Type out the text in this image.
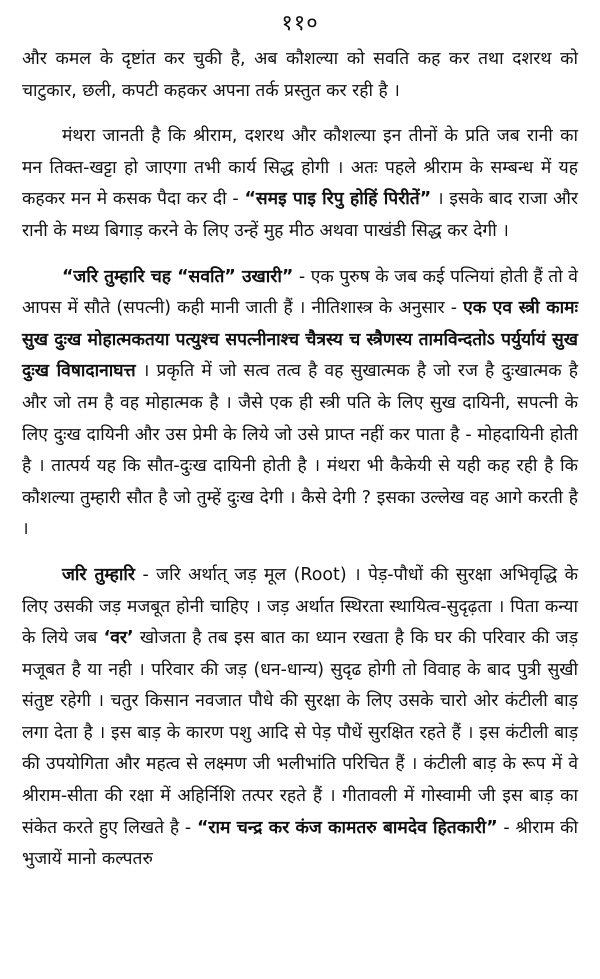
११०

और कमल के दृष्टांत कर चुकी है, अब कौशल्या को सवति कह कर तथा दशरथ को चाटुकार, छली, कपटी कहकर अपना तर्क प्रस्तुत कर रही है ।

मंथरा जानती है कि श्रीराम, दशरथ और कौशल्या इन तीनों के प्रति जब रानी का मन तिक्त-खट्टा हो जाएगा तभी कार्य सिद्ध होगी । अतः पहले श्रीराम के सम्बन्ध में यह कहकर मन मे कसक पैदा कर दी - “समइ पाइ रिपु होहिं पिरीतें” । इसके बाद राजा और रानी के मध्य बिगाड़ करने के लिए उन्हें मुह मीठ अथवा पाखंडी सिद्ध कर देगी ।

“जरि तुम्हारि चह “सवति” उखारी” - एक पुरुष के जब कई पत्नियां होती हैं तो वे आपस में सौते (सपत्नी) कही मानी जाती हैं । नीतिशास्त्र के अनुसार - एक एव स्त्री कामः सुख दुःख मोहात्मकतया पत्युश्च सपत्नीनाश्च चैत्रस्य च स्त्रैणस्य तामविन्दतोऽ पर्युर्यायं सुख दुःख विषादानाघत्त । प्रकृति में जो सत्व तत्व है वह सुखात्मक है जो रज है दुःखात्मक है और जो तम है वह मोहात्मक है । जैसे एक ही स्त्री पति के लिए सुख दायिनी, सपत्नी के लिए दुःख दायिनी और उस प्रेमी के लिये जो उसे प्राप्त नहीं कर पाता है - मोहदायिनी होती है । तात्पर्य यह कि सौत-दुःख दायिनी होती है । मंथरा भी कैकेयी से यही कह रही है कि कौशल्या तुम्हारी सौत है जो तुम्हें दुःख देगी । कैसे देगी ? इसका उल्लेख वह आगे करती है ।

जरि तुम्हारि - जरि अर्थात् जड़ मूल (Root) । पेड़-पौधों की सुरक्षा अभिवृद्धि के लिए उसकी जड़ मजबूत होनी चाहिए । जड़ अर्थात स्थिरता स्थायित्व-सुदृढ़ता । पिता कन्या के लिये जब ‘वर’ खोजता है तब इस बात का ध्यान रखता है कि घर की परिवार की जड़ मजूबत है या नही । परिवार की जड़ (धन-धान्य) सुदृढ होगी तो विवाह के बाद पुत्री सुखी संतुष्ट रहेगी । चतुर किसान नवजात पौधे की सुरक्षा के लिए उसके चारो ओर कंटीली बाड़ लगा देता है । इस बाड़ के कारण पशु आदि से पेड़ पौधें सुरक्षित रहते हैं । इस कंटीली बाड़ की उपयोगिता और महत्व से लक्ष्मण जी भलीभांति परिचित हैं । कंटीली बाड़ के रूप में वे श्रीराम-सीता की रक्षा में अहिर्निशि तत्पर रहते हैं । गीतावली में गोस्वामी जी इस बाड़ का संकेत करते हुए लिखते है - “राम चन्द्र कर कंज कामतरु बामदेव हितकारी” - श्रीराम की भुजायें मानो कल्पतरु
